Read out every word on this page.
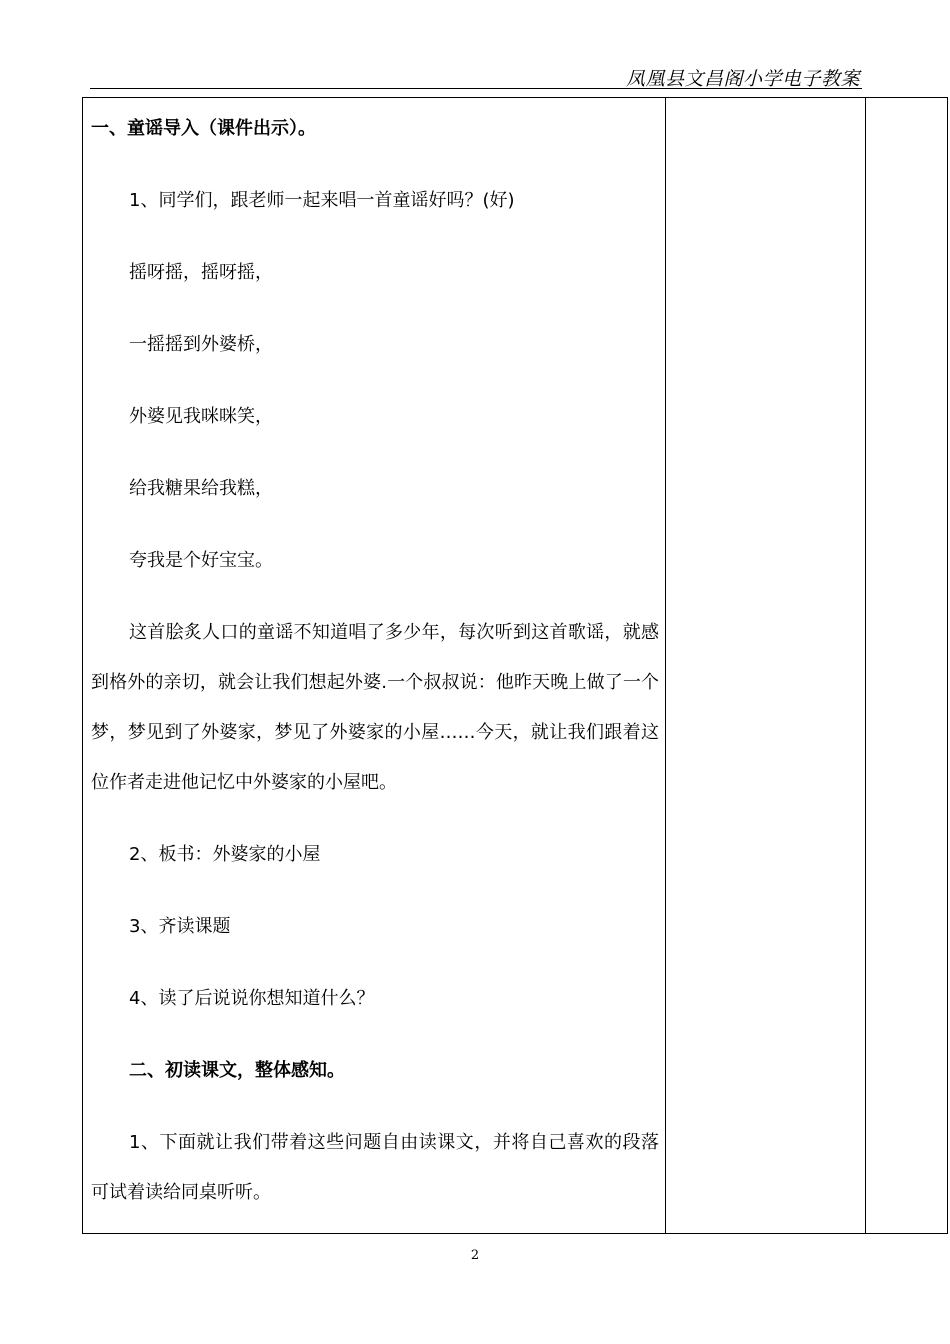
凤凰县文昌阁小学电子教案

一、童谣导入（课件出示）。

1、同学们，跟老师一起来唱一首童谣好吗？(好)

摇呀摇，摇呀摇，

一摇摇到外婆桥，

外婆见我咪咪笑，

给我糖果给我糕，

夸我是个好宝宝。

这首脍炙人口的童谣不知道唱了多少年，每次听到这首歌谣，就感到格外的亲切，就会让我们想起外婆.一个叔叔说：他昨天晚上做了一个梦，梦见到了外婆家，梦见了外婆家的小屋……今天，就让我们跟着这位作者走进他记忆中外婆家的小屋吧。

2、板书：外婆家的小屋

3、齐读课题

4、读了后说说你想知道什么？

二、初读课文，整体感知。

1、下面就让我们带着这些问题自由读课文，并将自己喜欢的段落可试着读给同桌听听。

2
